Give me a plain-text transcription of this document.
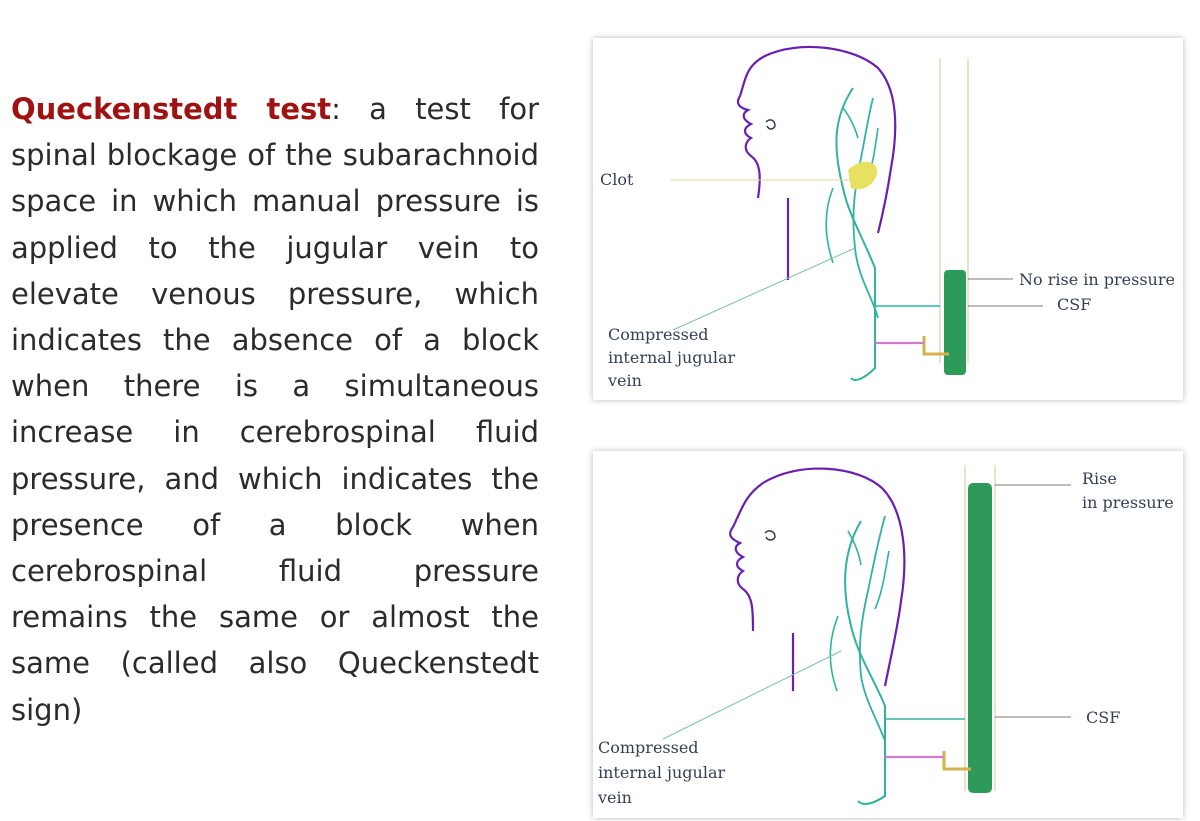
Queckenstedt test: a test for spinal blockage of the subarachnoid space in which manual pressure is applied to the jugular vein to elevate venous pressure, which indicates the absence of a block when there is a simultaneous increase in cerebrospinal fluid pressure, and which indicates the presence of a block when cerebrospinal fluid pressure remains the same or almost the same (called also Queckenstedt sign)
Clot
Compressed
internal jugular
vein
No rise in pressure
CSF
Compressed
internal jugular
vein
Rise
in pressure
CSF
